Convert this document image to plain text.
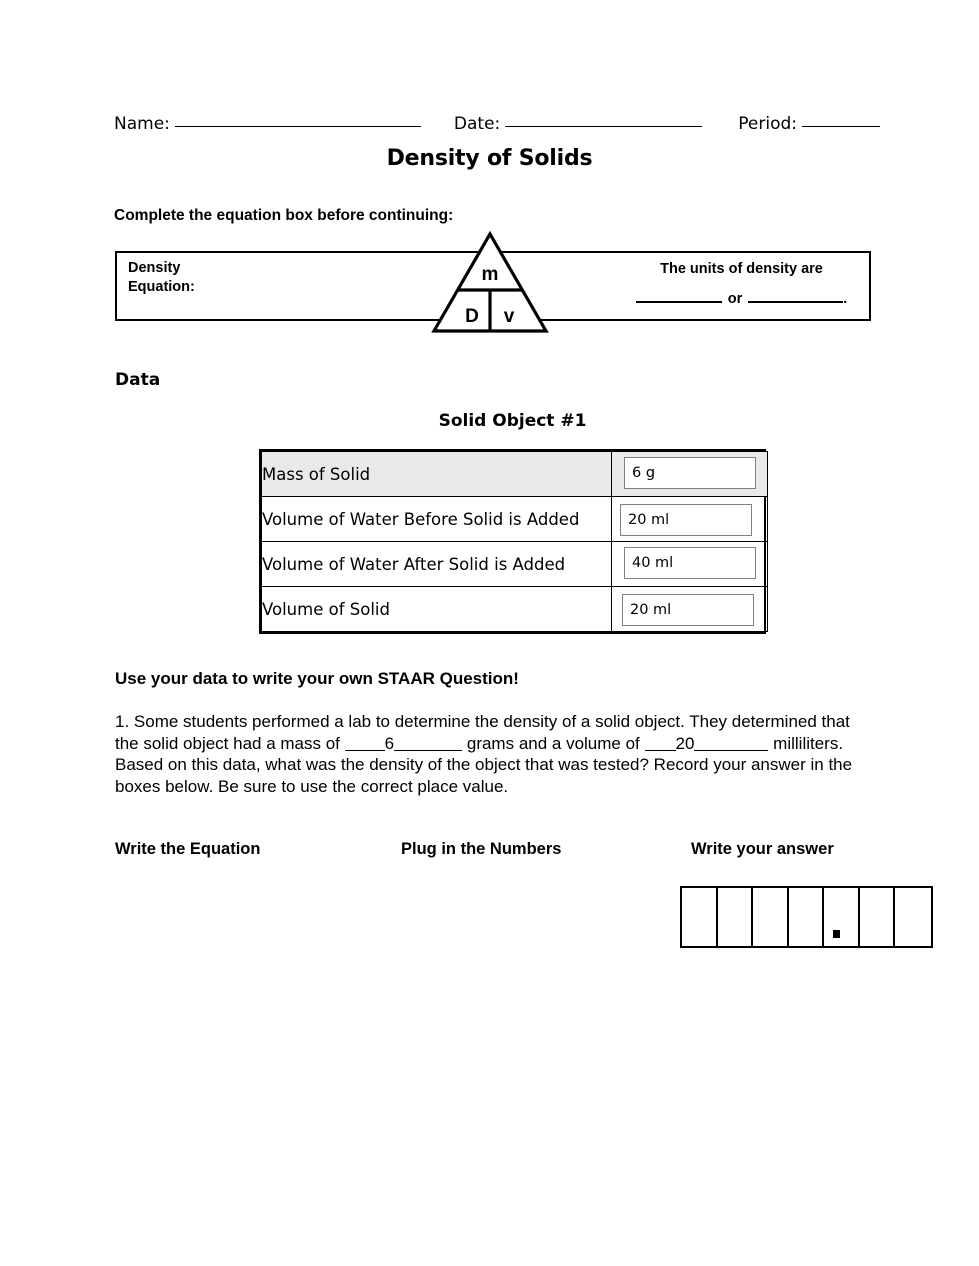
Name:	Date:	Period:
Density of Solids
Complete the equation box before continuing:
Density
Equation:
The units of density are
or	.
m
D v
Data
Solid Object #1
Mass of Solid	6 g

Volume of Water Before Solid is Added	20 ml

Volume of Water After Solid is Added	40 ml

Volume of Solid	20 ml
Use your data to write your own STAAR Question!
1. Some students performed a lab to determine the density of a solid object. They determined that the solid object had a mass of	6	grams and a volume of 20	milliliters. Based on this data, what was the density of the object that was tested? Record your answer in the boxes below. Be sure to use the correct place value.
Write the Equation	Plug in the Numbers	Write your answer
